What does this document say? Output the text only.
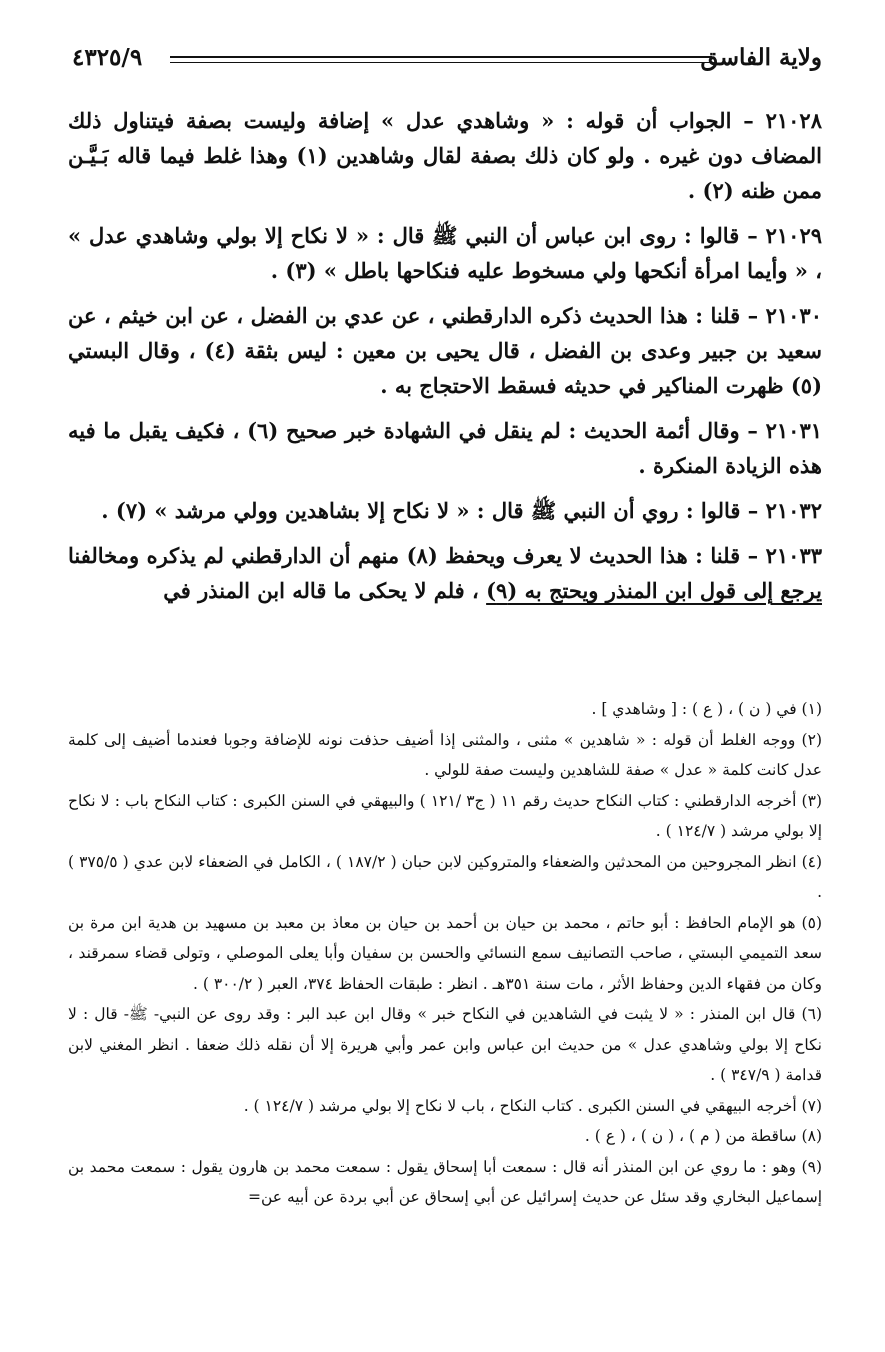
ولاية الفاسق
٤٣٢٥/٩

٢١٠٢٨ – الجواب أن قوله : « وشاهدي عدل » إضافة وليست بصفة فيتناول ذلك المضاف دون غيره . ولو كان ذلك بصفة لقال وشاهدين (١) وهذا غلط فيما قاله بَـيَّـن ممن ظنه (٢) .

٢١٠٢٩ – قالوا : روى ابن عباس أن النبي ﷺ قال : « لا نكاح إلا بولي وشاهدي عدل » ، « وأيما امرأة أنكحها ولي مسخوط عليه فنكاحها باطل » (٣) .

٢١٠٣٠ – قلنا : هذا الحديث ذكره الدارقطني ، عن عدي بن الفضل ، عن ابن خيثم ، عن سعيد بن جبير وعدى بن الفضل ، قال يحيى بن معين : ليس بثقة (٤) ، وقال البستي (٥) ظهرت المناكير في حديثه فسقط الاحتجاج به .

٢١٠٣١ – وقال أئمة الحديث : لم ينقل في الشهادة خبر صحيح (٦) ، فكيف يقبل ما فيه هذه الزيادة المنكرة .

٢١٠٣٢ – قالوا : روي أن النبي ﷺ قال : « لا نكاح إلا بشاهدين وولي مرشد » (٧) .

٢١٠٣٣ – قلنا : هذا الحديث لا يعرف ويحفظ (٨) منهم أن الدارقطني لم يذكره ومخالفنا يرجع إلى قول ابن المنذر ويحتج به (٩) ، فلم لا يحكى ما قاله ابن المنذر في

(١) في ( ن ) ، ( ع ) : [ وشاهدي ] .

(٢) ووجه الغلط أن قوله : « شاهدين » مثنى ، والمثنى إذا أضيف حذفت نونه للإضافة وجوبا فعندما أضيف إلى كلمة عدل كانت كلمة « عدل » صفة للشاهدين وليست صفة للولي .

(٣) أخرجه الدارقطني : كتاب النكاح حديث رقم ١١ ( ج٣ /١٢١ ) والبيهقي في السنن الكبرى : كتاب النكاح باب : لا نكاح إلا بولي مرشد ( ١٢٤/٧ ) .

(٤) انظر المجروحين من المحدثين والضعفاء والمتروكين لابن حبان ( ١٨٧/٢ ) ، الكامل في الضعفاء لابن عدي ( ٣٧٥/٥ ) .

(٥) هو الإمام الحافظ : أبو حاتم ، محمد بن حيان بن أحمد بن حيان بن معاذ بن معبد بن مسهيد بن هدية ابن مرة بن سعد التميمي البستي ، صاحب التصانيف سمع النسائي والحسن بن سفيان وأبا يعلى الموصلي ، وتولى قضاء سمرقند ، وكان من فقهاء الدين وحفاظ الأثر ، مات سنة ٣٥١هـ . انظر : طبقات الحفاظ ٣٧٤، العبر ( ٣٠٠/٢ ) .

(٦) قال ابن المنذر : « لا يثبت في الشاهدين في النكاح خبر » وقال ابن عبد البر : وقد روى عن النبي- ﷺ- قال : لا نكاح إلا بولي وشاهدي عدل » من حديث ابن عباس وابن عمر وأبي هريرة إلا أن نقله ذلك ضعفا . انظر المغني لابن قدامة ( ٣٤٧/٩ ) .

(٧) أخرجه البيهقي في السنن الكبرى . كتاب النكاح ، باب لا نكاح إلا بولي مرشد ( ١٢٤/٧ ) .

(٨) ساقطة من ( م ) ، ( ن ) ، ( ع ) .

(٩) وهو : ما روي عن ابن المنذر أنه قال : سمعت أبا إسحاق يقول : سمعت محمد بن هارون يقول : سمعت محمد بن إسماعيل البخاري وقد سئل عن حديث إسرائيل عن أبي إسحاق عن أبي بردة عن أبيه عن=
